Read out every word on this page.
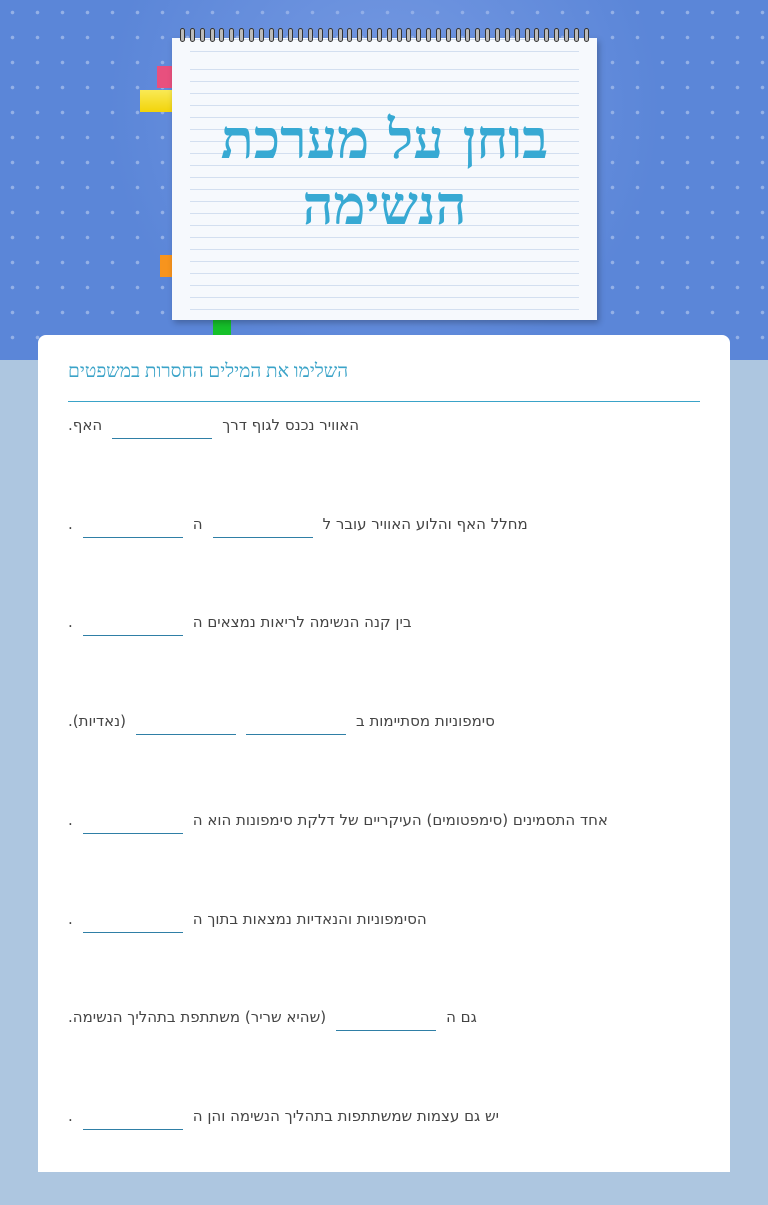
בוחן על מערכת
הנשימה
השלימו את המילים החסרות במשפטים
האוויר נכנס לגוף דרך
האף.
מחלל האף והלוע האוויר עובר ל
ה
.
בין קנה הנשימה לריאות נמצאים ה
.
סימפוניות מסתיימות ב
(נאדיות).
אחד התסמינים (סימפטומים) העיקריים של דלקת סימפונות הוא ה
.
הסימפוניות והנאדיות נמצאות בתוך ה
.
גם ה
(שהיא שריר) משתתפת בתהליך הנשימה.
יש גם עצמות שמשתתפות בתהליך הנשימה והן ה
.
